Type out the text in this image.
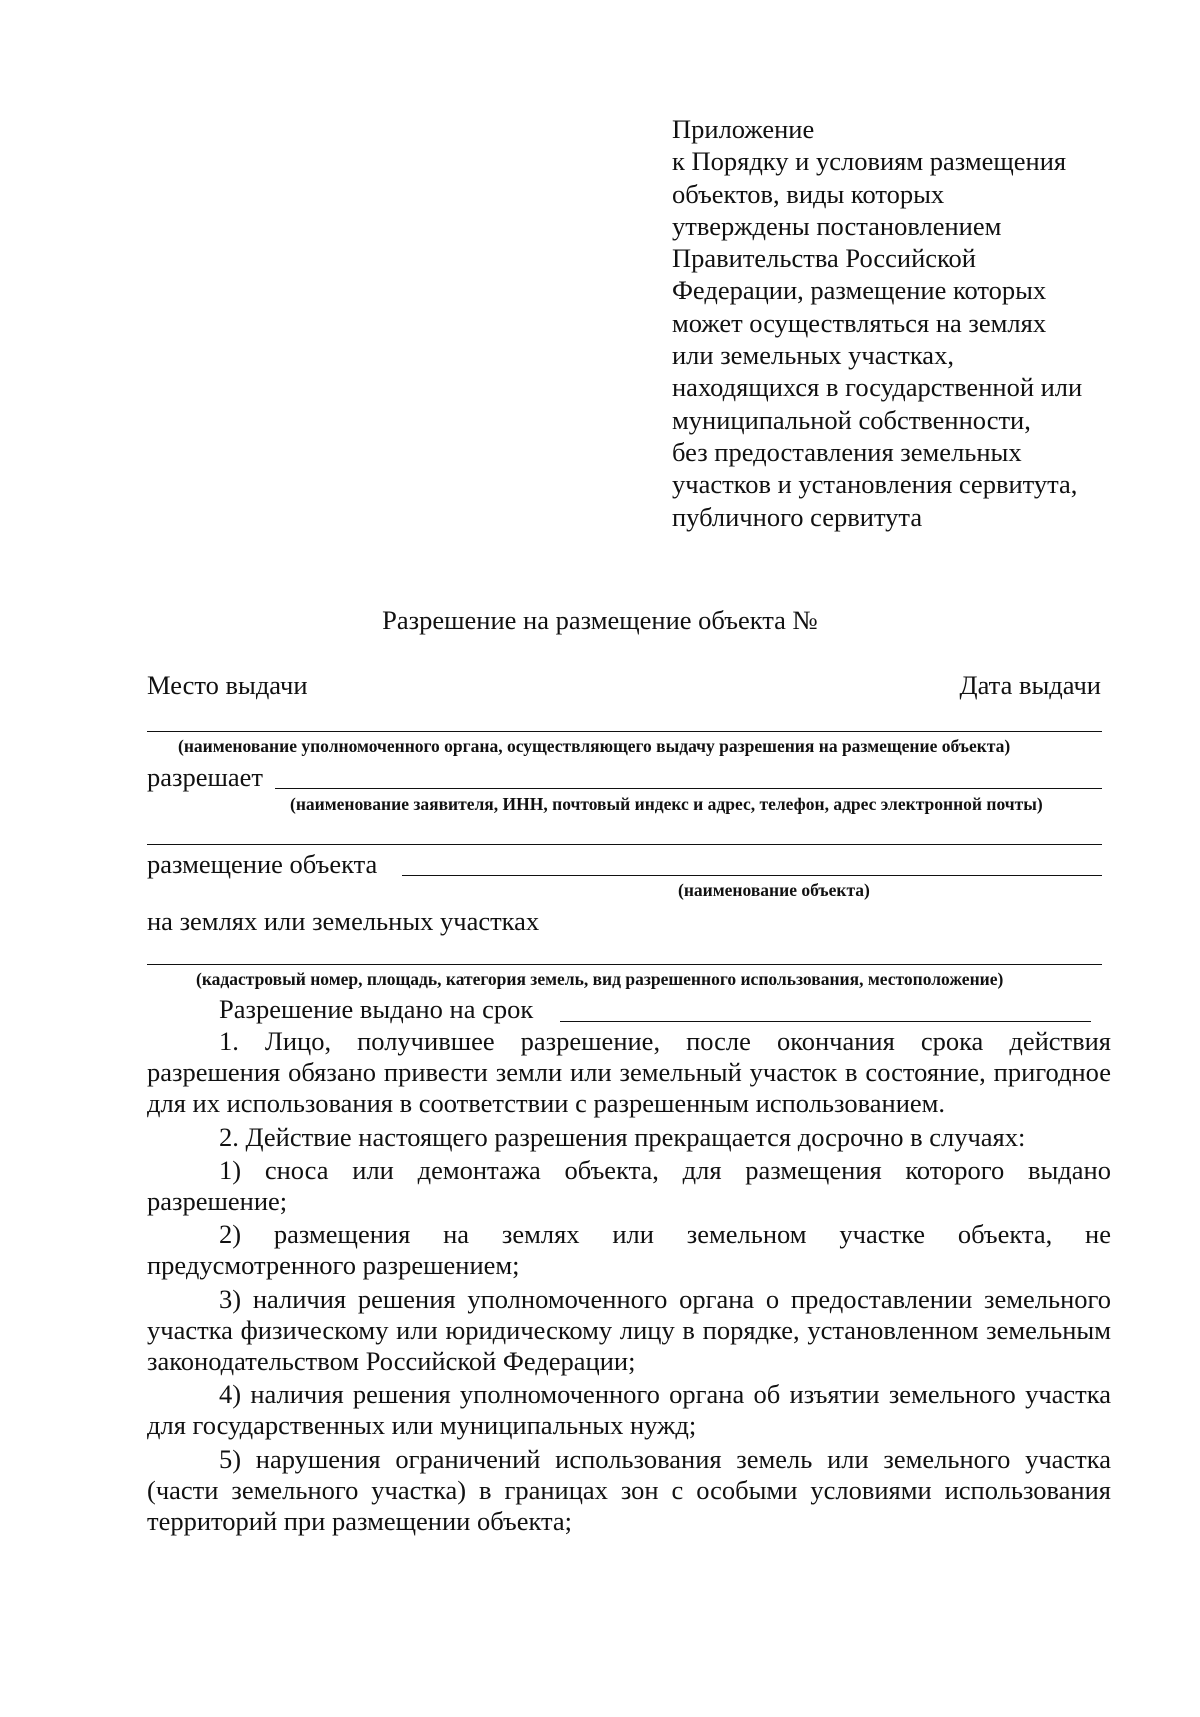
Приложение
к Порядку и условиям размещения
объектов, виды которых
утверждены постановлением
Правительства Российской
Федерации, размещение которых
может осуществляться на землях
или земельных участках,
находящихся в государственной или
муниципальной собственности,
без предоставления земельных
участков и установления сервитута,
публичного сервитута
Разрешение на размещение объекта №
Место выдачи	Дата выдачи
(наименование уполномоченного органа, осуществляющего выдачу разрешения на размещение объекта)
разрешает
(наименование заявителя, ИНН, почтовый индекс и адрес, телефон, адрес электронной почты)
размещение объекта
(наименование объекта)
на землях или земельных участках
(кадастровый номер, площадь, категория земель, вид разрешенного использования, местоположение)
Разрешение выдано на срок

1. Лицо, получившее разрешение, после окончания срока действия разрешения обязано привести земли или земельный участок в состояние, пригодное для их использования в соответствии с разрешенным использованием.

2. Действие настоящего разрешения прекращается досрочно в случаях:

1) сноса или демонтажа объекта, для размещения которого выдано разрешение;

2) размещения на землях или земельном участке объекта, не предусмотренного разрешением;

3) наличия решения уполномоченного органа о предоставлении земельного участка физическому или юридическому лицу в порядке, установленном земельным законодательством Российской Федерации;

4) наличия решения уполномоченного органа об изъятии земельного участка для государственных или муниципальных нужд;

5) нарушения ограничений использования земель или земельного участка (части земельного участка) в границах зон с особыми условиями использования территорий при размещении объекта;
